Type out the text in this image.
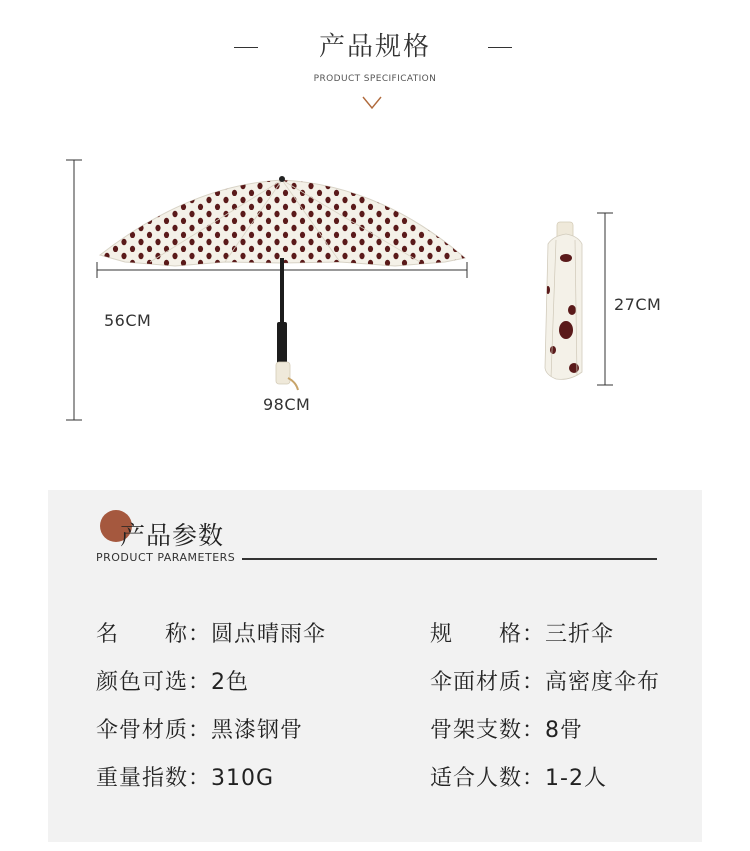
产品规格
PRODUCT SPECIFICATION
56CM
98CM
27CM
产品参数
PRODUCT PARAMETERS
名　　称：圆点晴雨伞
颜色可选：2色
伞骨材质：黑漆钢骨
重量指数：310G
规　　格：三折伞
伞面材质：高密度伞布
骨架支数：8骨
适合人数：1-2人
